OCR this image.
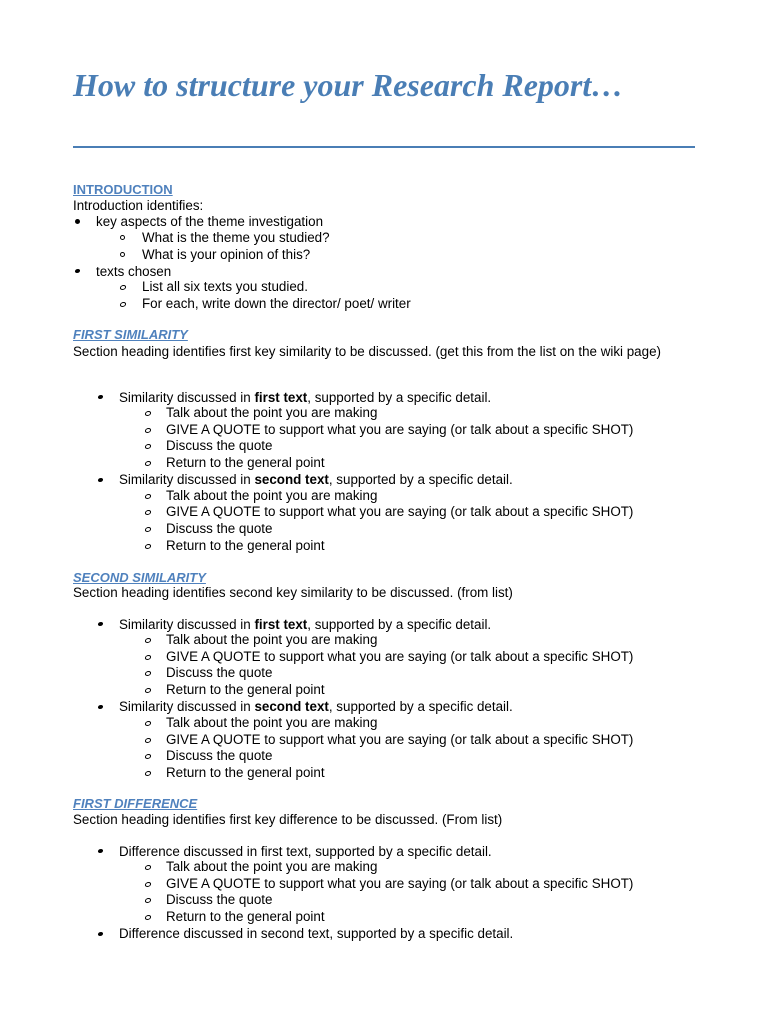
How to structure your Research Report…
INTRODUCTION
Introduction identifies:
key aspects of the theme investigation
What is the theme you studied?
What is your opinion of this?
texts chosen
List all six texts you studied.
For each, write down the director/ poet/ writer
FIRST SIMILARITY
Section heading identifies first key similarity to be discussed. (get this from the list on the wiki page)
Similarity discussed in first text, supported by a specific detail.
Talk about the point you are making
GIVE A QUOTE to support what you are saying (or talk about a specific SHOT)
Discuss the quote
Return to the general point
Similarity discussed in second text, supported by a specific detail.
Talk about the point you are making
GIVE A QUOTE to support what you are saying (or talk about a specific SHOT)
Discuss the quote
Return to the general point
SECOND SIMILARITY
Section heading identifies second key similarity to be discussed. (from list)
Similarity discussed in first text, supported by a specific detail.
Talk about the point you are making
GIVE A QUOTE to support what you are saying (or talk about a specific SHOT)
Discuss the quote
Return to the general point
Similarity discussed in second text, supported by a specific detail.
Talk about the point you are making
GIVE A QUOTE to support what you are saying (or talk about a specific SHOT)
Discuss the quote
Return to the general point
FIRST DIFFERENCE
Section heading identifies first key difference to be discussed. (From list)
Difference discussed in first text, supported by a specific detail.
Talk about the point you are making
GIVE A QUOTE to support what you are saying (or talk about a specific SHOT)
Discuss the quote
Return to the general point
Difference discussed in second text, supported by a specific detail.
